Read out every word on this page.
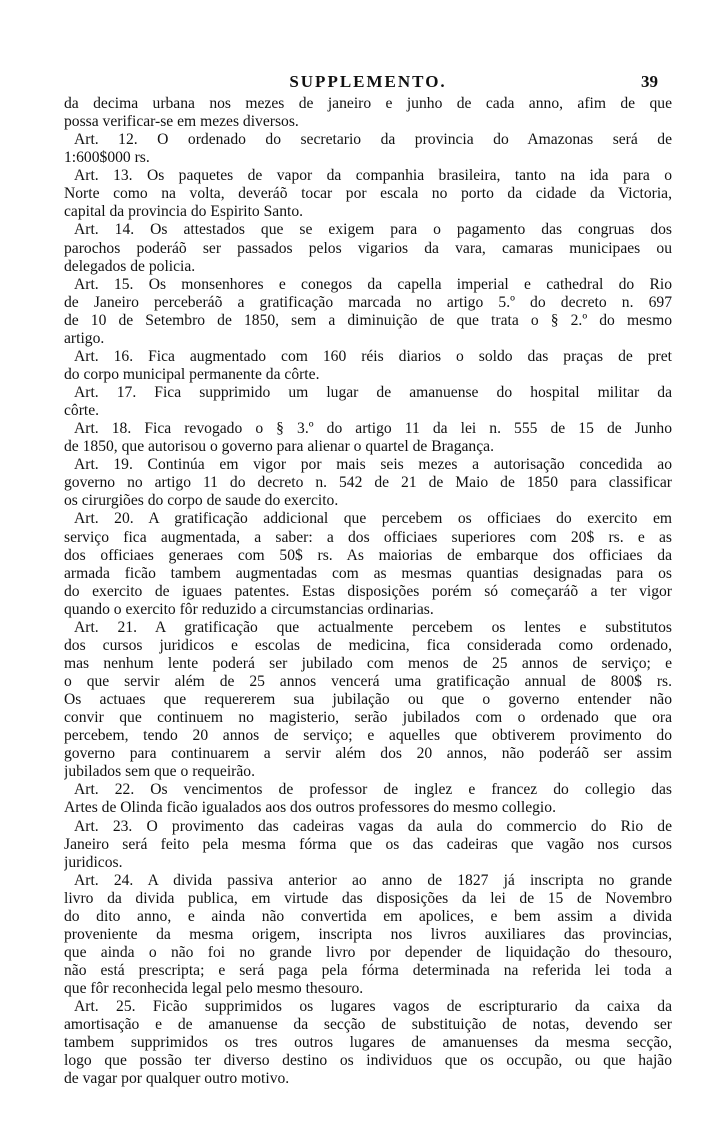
SUPPLEMENTO.	39
da decima urbana nos mezes de janeiro e junho de cada anno, afim de que
possa verificar-se em mezes diversos.
Art. 12. O ordenado do secretario da provincia do Amazonas será de
1:600$000 rs.
Art. 13. Os paquetes de vapor da companhia brasileira, tanto na ida para o
Norte como na volta, deveráõ tocar por escala no porto da cidade da Victoria,
capital da provincia do Espirito Santo.
Art. 14. Os attestados que se exigem para o pagamento das congruas dos
parochos poderáõ ser passados pelos vigarios da vara, camaras municipaes ou
delegados de policia.
Art. 15. Os monsenhores e conegos da capella imperial e cathedral do Rio
de Janeiro perceberáõ a gratificação marcada no artigo 5.º do decreto n. 697
de 10 de Setembro de 1850, sem a diminuição de que trata o § 2.º do mesmo
artigo.
Art. 16. Fica augmentado com 160 réis diarios o soldo das praças de pret
do corpo municipal permanente da côrte.
Art. 17. Fica supprimido um lugar de amanuense do hospital militar da
côrte.
Art. 18. Fica revogado o § 3.º do artigo 11 da lei n. 555 de 15 de Junho
de 1850, que autorisou o governo para alienar o quartel de Bragança.
Art. 19. Continúa em vigor por mais seis mezes a autorisação concedida ao
governo no artigo 11 do decreto n. 542 de 21 de Maio de 1850 para classificar
os cirurgiões do corpo de saude do exercito.
Art. 20. A gratificação addicional que percebem os officiaes do exercito em
serviço fica augmentada, a saber: a dos officiaes superiores com 20$ rs. e as
dos officiaes generaes com 50$ rs. As maiorias de embarque dos officiaes da
armada ficão tambem augmentadas com as mesmas quantias designadas para os
do exercito de iguaes patentes. Estas disposições porém só começaráõ a ter vigor
quando o exercito fôr reduzido a circumstancias ordinarias.
Art. 21. A gratificação que actualmente percebem os lentes e substitutos
dos cursos juridicos e escolas de medicina, fica considerada como ordenado,
mas nenhum lente poderá ser jubilado com menos de 25 annos de serviço; e
o que servir além de 25 annos vencerá uma gratificação annual de 800$ rs.
Os actuaes que requererem sua jubilação ou que o governo entender não
convir que continuem no magisterio, serão jubilados com o ordenado que ora
percebem, tendo 20 annos de serviço; e aquelles que obtiverem provimento do
governo para continuarem a servir além dos 20 annos, não poderáõ ser assim
jubilados sem que o requeirão.
Art. 22. Os vencimentos de professor de inglez e francez do collegio das
Artes de Olinda ficão igualados aos dos outros professores do mesmo collegio.
Art. 23. O provimento das cadeiras vagas da aula do commercio do Rio de
Janeiro será feito pela mesma fórma que os das cadeiras que vagão nos cursos
juridicos.
Art. 24. A divida passiva anterior ao anno de 1827 já inscripta no grande
livro da divida publica, em virtude das disposições da lei de 15 de Novembro
do dito anno, e ainda não convertida em apolices, e bem assim a divida
proveniente da mesma origem, inscripta nos livros auxiliares das provincias,
que ainda o não foi no grande livro por depender de liquidação do thesouro,
não está prescripta; e será paga pela fórma determinada na referida lei toda a
que fôr reconhecida legal pelo mesmo thesouro.
Art. 25. Ficão supprimidos os lugares vagos de escripturario da caixa da
amortisação e de amanuense da secção de substituição de notas, devendo ser
tambem supprimidos os tres outros lugares de amanuenses da mesma secção,
logo que possão ter diverso destino os individuos que os occupão, ou que hajão
de vagar por qualquer outro motivo.
